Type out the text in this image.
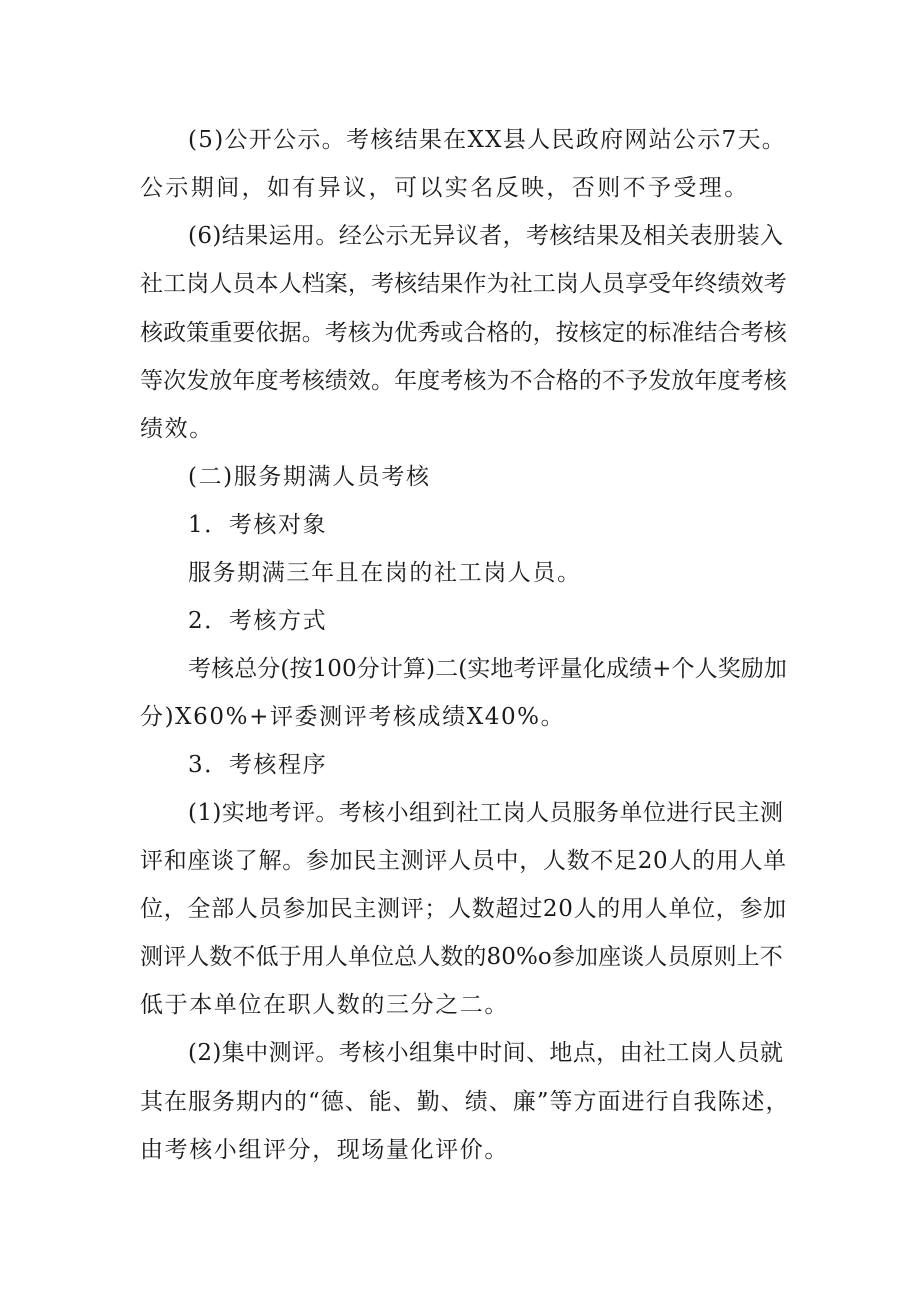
(5)公开公示。考核结果在XX县人民政府网站公示7天。
公示期间，如有异议，可以实名反映，否则不予受理。
(6)结果运用。经公示无异议者，考核结果及相关表册装入
社工岗人员本人档案，考核结果作为社工岗人员享受年终绩效考
核政策重要依据。考核为优秀或合格的，按核定的标准结合考核
等次发放年度考核绩效。年度考核为不合格的不予发放年度考核
绩效。
(二)服务期满人员考核
1．考核对象
服务期满三年且在岗的社工岗人员。
2．考核方式
考核总分(按100分计算)二(实地考评量化成绩+个人奖励加
分)X60%+评委测评考核成绩X40%。
3．考核程序
(1)实地考评。考核小组到社工岗人员服务单位进行民主测
评和座谈了解。参加民主测评人员中，人数不足20人的用人单
位，全部人员参加民主测评；人数超过20人的用人单位，参加
测评人数不低于用人单位总人数的80%o参加座谈人员原则上不
低于本单位在职人数的三分之二。
(2)集中测评。考核小组集中时间、地点，由社工岗人员就
其在服务期内的“德、能、勤、绩、廉”等方面进行自我陈述，
由考核小组评分，现场量化评价。
